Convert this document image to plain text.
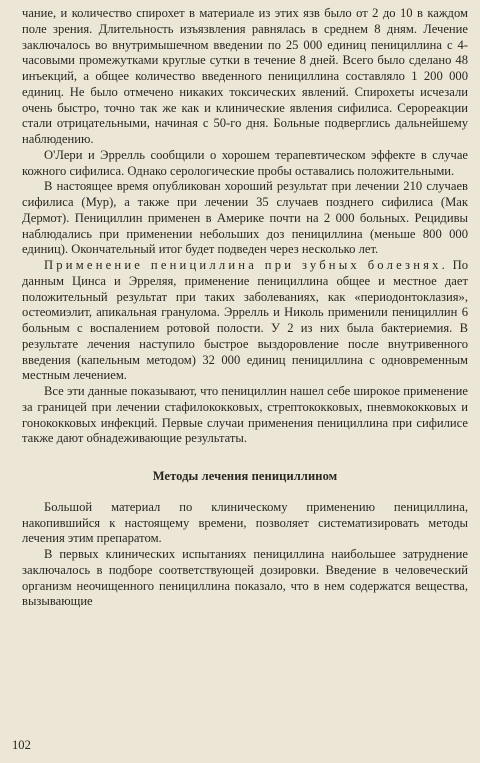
чание, и количество спирохет в материале из этих язв было от 2 до 10 в каждом поле зрения. Длительность изъязвления равнялась в среднем 8 дням. Лечение заключалось во внутримышечном введении по 25 000 единиц пенициллина с 4-часовыми промежутками круглые сутки в течение 8 дней. Всего было сделано 48 инъекций, а общее количество введенного пенициллина составляло 1 200 000 единиц. Не было отмечено никаких токсических явлений. Спирохеты исчезали очень быстро, точно так же как и клинические явления сифилиса. Серореакции стали отрицательными, начиная с 50-го дня. Больные подверглись дальнейшему наблюдению.

О'Лери и Эррелль сообщили о хорошем терапевтическом эффекте в случае кожного сифилиса. Однако серологические пробы оставались положительными.

В настоящее время опубликован хороший результат при лечении 210 случаев сифилиса (Мур), а также при лечении 35 случаев позднего сифилиса (Мак Дермот). Пенициллин применен в Америке почти на 2 000 больных. Рецидивы наблюдались при применении небольших доз пенициллина (меньше 800 000 единиц). Окончательный итог будет подведен через несколько лет.

Применение пенициллина при зубных болезнях. По данным Цинса и Эрреляя, применение пенициллина общее и местное дает положительный результат при таких заболеваниях, как «периодонтоклазия», остеомиэлит, апикальная гранулома. Эррелль и Николь применили пенициллин 6 больным с воспалением ротовой полости. У 2 из них была бактериемия. В результате лечения наступило быстрое выздоровление после внутривенного введения (капельным методом) 32 000 единиц пенициллина с одновременным местным лечением.

Все эти данные показывают, что пенициллин нашел себе широкое применение за границей при лечении стафилококковых, стрептококковых, пневмококковых и гонококковых инфекций. Первые случаи применения пенициллина при сифилисе также дают обнадеживающие результаты.

Методы лечения пенициллином

Большой материал по клиническому применению пенициллина, накопившийся к настоящему времени, позволяет систематизировать методы лечения этим препаратом.

В первых клинических испытаниях пенициллина наибольшее затруднение заключалось в подборе соответствующей дозировки. Введение в человеческий организм неочищенного пенициллина показало, что в нем содержатся вещества, вызывающие

102
